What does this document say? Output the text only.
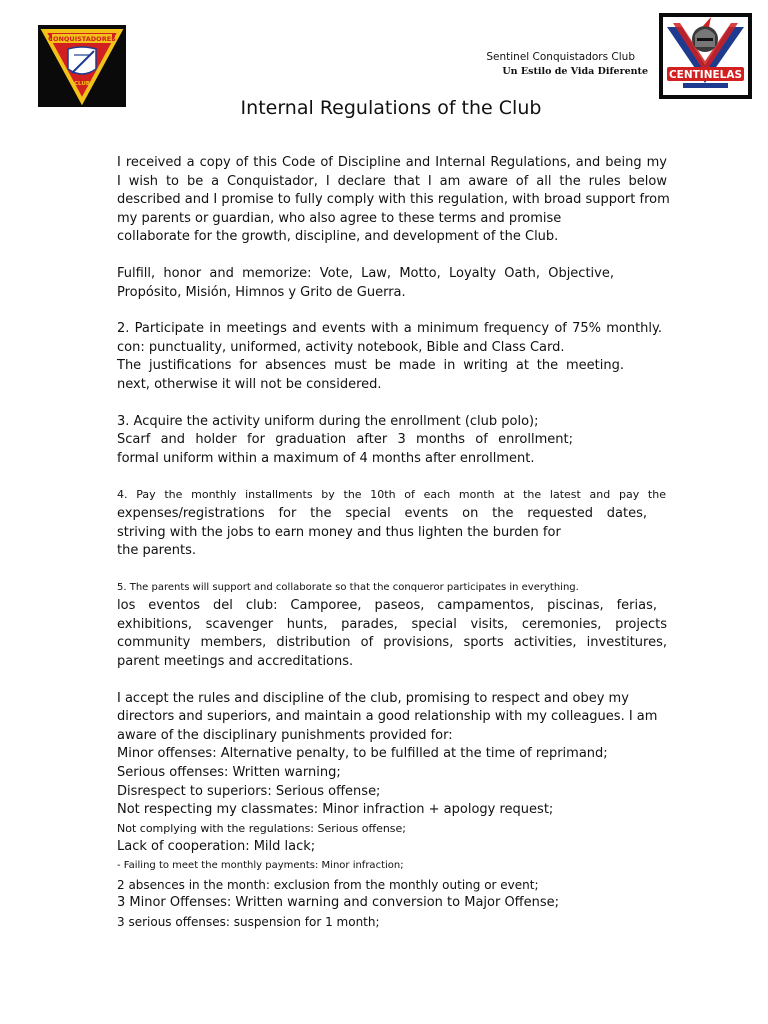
CONQUISTADORES
CLUB
Sentinel Conquistadors Club
Un Estilo de Vida Diferente CENTINELAS
Internal Regulations of the Club
I received a copy of this Code of Discipline and Internal Regulations, and being my
I wish to be a Conquistador, I declare that I am aware of all the rules below
described and I promise to fully comply with this regulation, with broad support from
my parents or guardian, who also agree to these terms and promise
collaborate for the growth, discipline, and development of the Club.
Fulfill, honor and memorize: Vote, Law, Motto, Loyalty Oath, Objective,
Propósito, Misión, Himnos y Grito de Guerra.
2. Participate in meetings and events with a minimum frequency of 75% monthly.
con: punctuality, uniformed, activity notebook, Bible and Class Card.
The justifications for absences must be made in writing at the meeting.
next, otherwise it will not be considered.
3. Acquire the activity uniform during the enrollment (club polo);
Scarf and holder for graduation after 3 months of enrollment;
formal uniform within a maximum of 4 months after enrollment.
4. Pay the monthly installments by the 10th of each month at the latest and pay the
expenses/registrations for the special events on the requested dates,
striving with the jobs to earn money and thus lighten the burden for
the parents.
5. The parents will support and collaborate so that the conqueror participates in everything.
los eventos del club: Camporee, paseos, campamentos, piscinas, ferias,
exhibitions, scavenger hunts, parades, special visits, ceremonies, projects
community members, distribution of provisions, sports activities, investitures,
parent meetings and accreditations.
I accept the rules and discipline of the club, promising to respect and obey my
directors and superiors, and maintain a good relationship with my colleagues. I am
aware of the disciplinary punishments provided for:
Minor offenses: Alternative penalty, to be fulfilled at the time of reprimand;
Serious offenses: Written warning;
Disrespect to superiors: Serious offense;
Not respecting my classmates: Minor infraction + apology request;
Not complying with the regulations: Serious offense;
Lack of cooperation: Mild lack;
- Failing to meet the monthly payments: Minor infraction;
2 absences in the month: exclusion from the monthly outing or event;
3 Minor Offenses: Written warning and conversion to Major Offense;
3 serious offenses: suspension for 1 month;
